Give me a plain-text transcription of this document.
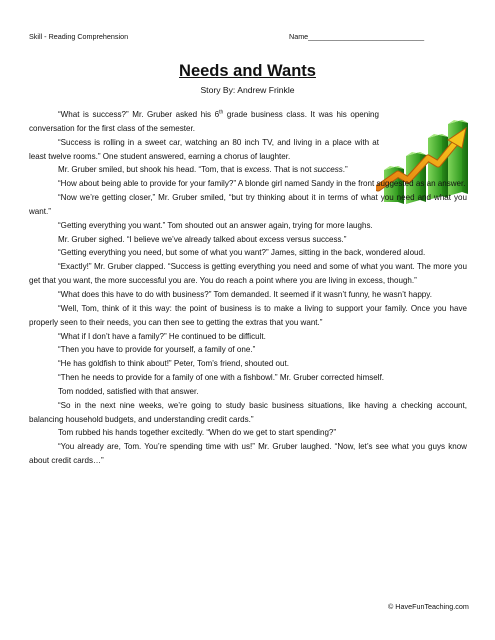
Skill - Reading Comprehension	Name_____________________________
Needs and Wants
Story By: Andrew Frinkle

“What is success?” Mr. Gruber asked his 6th grade business class. It was his opening conversation for the first class of the semester.

“Success is rolling in a sweet car, watching an 80 inch TV, and living in a place with at least twelve rooms.” One student answered, earning a chorus of laughter.

Mr. Gruber smiled, but shook his head. “Tom, that is excess. That is not success.”

“How about being able to provide for your family?” A blonde girl named Sandy in the front suggested as an answer.

“Now we’re getting closer,” Mr. Gruber smiled, “but try thinking about it in terms of what you need and what you want.”

“Getting everything you want.” Tom shouted out an answer again, trying for more laughs.

Mr. Gruber sighed. “I believe we’ve already talked about excess versus success.”

“Getting everything you need, but some of what you want?” James, sitting in the back, wondered aloud.

“Exactly!” Mr. Gruber clapped. “Success is getting everything you need and some of what you want. The more you get that you want, the more successful you are. You do reach a point where you are living in excess, though.”

“What does this have to do with business?” Tom demanded. It seemed if it wasn’t funny, he wasn’t happy.

“Well, Tom, think of it this way: the point of business is to make a living to support your family. Once you have properly seen to their needs, you can then see to getting the extras that you want.”

“What if I don’t have a family?” He continued to be difficult.

“Then you have to provide for yourself, a family of one.”

“He has goldfish to think about!” Peter, Tom’s friend, shouted out.

“Then he needs to provide for a family of one with a fishbowl.” Mr. Gruber corrected himself.

Tom nodded, satisfied with that answer.

“So in the next nine weeks, we’re going to study basic business situations, like having a checking account, balancing household budgets, and understanding credit cards.”

Tom rubbed his hands together excitedly. “When do we get to start spending?”

“You already are, Tom. You’re spending time with us!” Mr. Gruber laughed. “Now, let’s see what you guys know about credit cards…”

© HaveFunTeaching.com
